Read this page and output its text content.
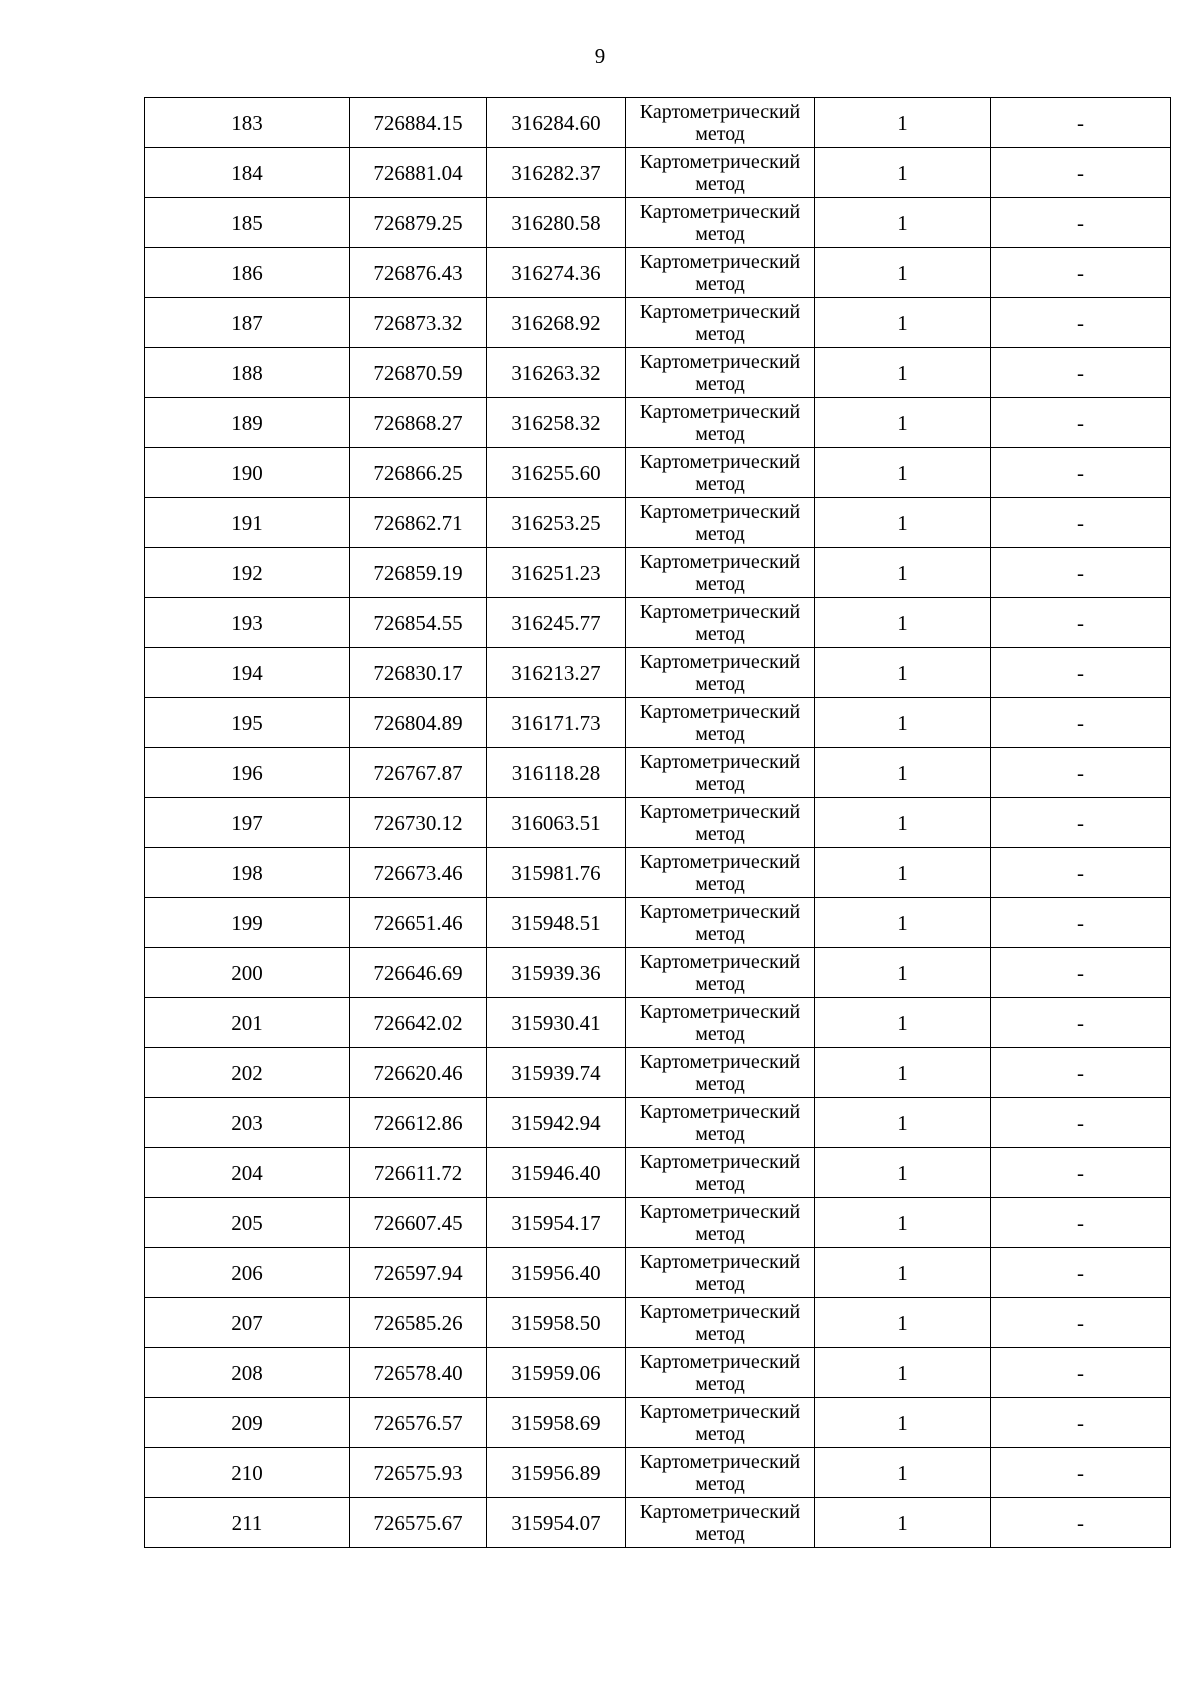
9
183	726884.15	316284.60	Картометрический метод	1	-
184	726881.04	316282.37	Картометрический метод	1	-
185	726879.25	316280.58	Картометрический метод	1	-
186	726876.43	316274.36	Картометрический метод	1	-
187	726873.32	316268.92	Картометрический метод	1	-
188	726870.59	316263.32	Картометрический метод	1	-
189	726868.27	316258.32	Картометрический метод	1	-
190	726866.25	316255.60	Картометрический метод	1	-
191	726862.71	316253.25	Картометрический метод	1	-
192	726859.19	316251.23	Картометрический метод	1	-
193	726854.55	316245.77	Картометрический метод	1	-
194	726830.17	316213.27	Картометрический метод	1	-
195	726804.89	316171.73	Картометрический метод	1	-
196	726767.87	316118.28	Картометрический метод	1	-
197	726730.12	316063.51	Картометрический метод	1	-
198	726673.46	315981.76	Картометрический метод	1	-
199	726651.46	315948.51	Картометрический метод	1	-
200	726646.69	315939.36	Картометрический метод	1	-
201	726642.02	315930.41	Картометрический метод	1	-
202	726620.46	315939.74	Картометрический метод	1	-
203	726612.86	315942.94	Картометрический метод	1	-
204	726611.72	315946.40	Картометрический метод	1	-
205	726607.45	315954.17	Картометрический метод	1	-
206	726597.94	315956.40	Картометрический метод	1	-
207	726585.26	315958.50	Картометрический метод	1	-
208	726578.40	315959.06	Картометрический метод	1	-
209	726576.57	315958.69	Картометрический метод	1	-
210	726575.93	315956.89	Картометрический метод	1	-
211	726575.67	315954.07	Картометрический метод	1	-
